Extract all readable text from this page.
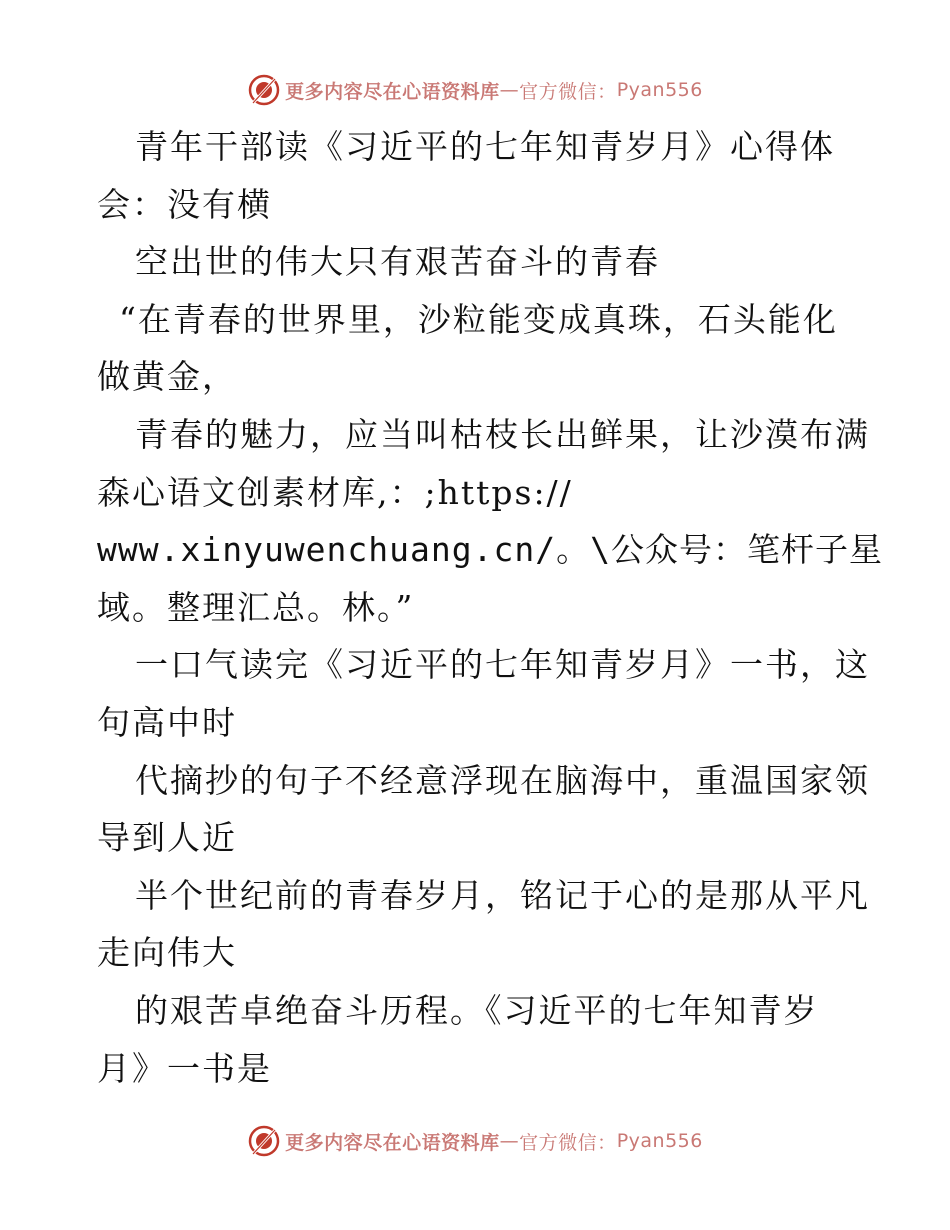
更多内容尽在心语资料库 — 官方微信： Pyan556
青年干部读《习近平的七年知青岁月》心得体
会：没有横
空出世的伟大只有艰苦奋斗的青春
“在青春的世界里，沙粒能变成真珠，石头能化
做黄金，
青春的魅力，应当叫枯枝长出鲜果，让沙漠布满
森心语文创素材库,：;https://
www.xinyuwenchuang.cn/。\公众号：笔杆子星
域。整理汇总。林。”
一口气读完《习近平的七年知青岁月》一书，这
句高中时
代摘抄的句子不经意浮现在脑海中，重温国家领
导到人近
半个世纪前的青春岁月，铭记于心的是那从平凡
走向伟大
的艰苦卓绝奋斗历程。《习近平的七年知青岁
月》一书是
更多内容尽在心语资料库 — 官方微信： Pyan556
